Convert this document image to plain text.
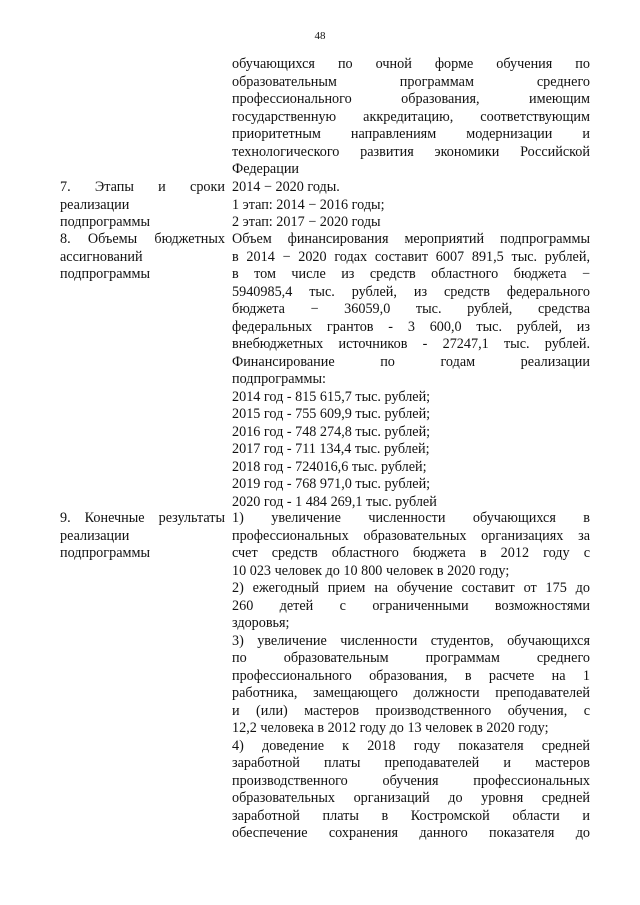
48
обучающихся по очной форме обучения по
образовательным программам среднего
профессионального образования, имеющим
государственную аккредитацию, соответствующим
приоритетным направлениям модернизации и
технологического развития экономики Российской
Федерации
7. Этапы и сроки
реализации
подпрограммы
2014 − 2020 годы.
1 этап: 2014 − 2016 годы;
2 этап: 2017 − 2020 годы
8. Объемы бюджетных
ассигнований
подпрограммы
Объем финансирования мероприятий подпрограммы
в 2014 − 2020 годах составит 6007 891,5 тыс. рублей,
в том числе из средств областного бюджета −
5940985,4 тыс. рублей, из средств федерального
бюджета − 36059,0 тыс. рублей, средства
федеральных грантов - 3 600,0 тыс. рублей, из
внебюджетных источников - 27247,1 тыс. рублей.
Финансирование по годам реализации
подпрограммы:
2014 год - 815 615,7 тыс. рублей;
2015 год - 755 609,9 тыс. рублей;
2016 год - 748 274,8 тыс. рублей;
2017 год - 711 134,4 тыс. рублей;
2018 год - 724016,6 тыс. рублей;
2019 год - 768 971,0 тыс. рублей;
2020 год - 1 484 269,1 тыс. рублей
9. Конечные результаты
реализации
подпрограммы
1) увеличение численности обучающихся в
профессиональных образовательных организациях за
счет средств областного бюджета в 2012 году с
10 023 человек до 10 800 человек в 2020 году;
2) ежегодный прием на обучение составит от 175 до
260 детей с ограниченными возможностями
здоровья;
3) увеличение численности студентов, обучающихся
по образовательным программам среднего
профессионального образования, в расчете на 1
работника, замещающего должности преподавателей
и (или) мастеров производственного обучения, с
12,2 человека в 2012 году до 13 человек в 2020 году;
4) доведение к 2018 году показателя средней
заработной платы преподавателей и мастеров
производственного обучения профессиональных
образовательных организаций до уровня средней
заработной платы в Костромской области и
обеспечение сохранения данного показателя до
